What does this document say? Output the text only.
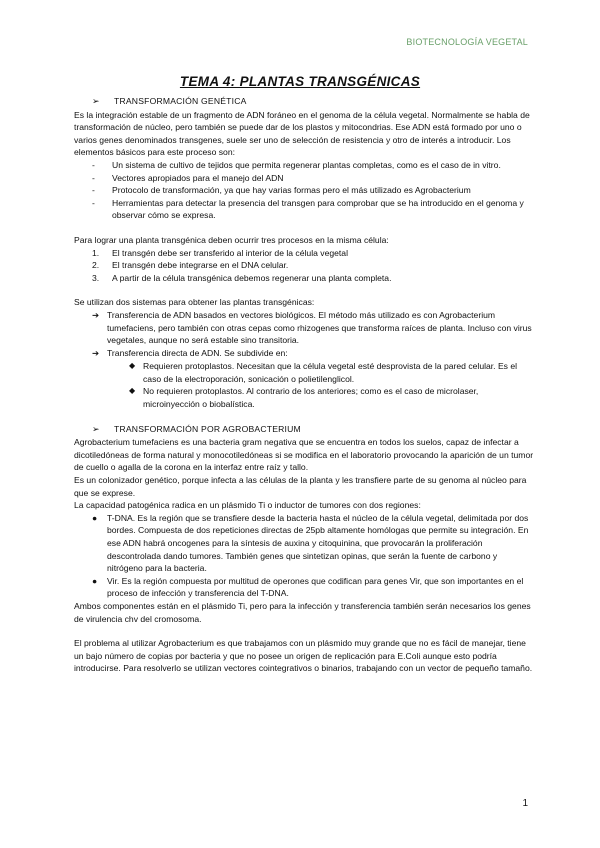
BIOTECNOLOGÍA VEGETAL
TEMA 4: PLANTAS TRANSGÉNICAS
➢	TRANSFORMACIÓN GENÉTICA

Es la integración estable de un fragmento de ADN foráneo en el genoma de la célula vegetal. Normalmente se habla de transformación de núcleo, pero también se puede dar de los plastos y mitocondrias. Ese ADN está formado por uno o varios genes denominados transgenes, suele ser uno de selección de resistencia y otro de interés a introducir. Los elementos básicos para este proceso son:

- Un sistema de cultivo de tejidos que permita regenerar plantas completas, como es el caso de in vitro.
- Vectores apropiados para el manejo del ADN
- Protocolo de transformación, ya que hay varias formas pero el más utilizado es Agrobacterium
- Herramientas para detectar la presencia del transgen para comprobar que se ha introducido en el genoma y observar cómo se expresa.

Para lograr una planta transgénica deben ocurrir tres procesos en la misma célula:

1.	El transgén debe ser transferido al interior de la célula vegetal
2.	El transgén debe integrarse en el DNA celular.
3.	A partir de la célula transgénica debemos regenerar una planta completa.

Se utilizan dos sistemas para obtener las plantas transgénicas:

➔ Transferencia de ADN basados en vectores biológicos. El método más utilizado es con Agrobacterium tumefaciens, pero también con otras cepas como rhizogenes que transforma raíces de planta. Incluso con virus vegetales, aunque no será estable sino transitoria.
➔ Transferencia directa de ADN. Se subdivide en:
◆ Requieren protoplastos. Necesitan que la célula vegetal esté desprovista de la pared celular. Es el caso de la electroporación, sonicación o polietilenglicol.
◆ No requieren protoplastos. Al contrario de los anteriores; como es el caso de microlaser, microinyección o biobalística.
➢	TRANSFORMACIÓN POR AGROBACTERIUM

Agrobacterium tumefaciens es una bacteria gram negativa que se encuentra en todos los suelos, capaz de infectar a dicotiledóneas de forma natural y monocotiledóneas si se modifica en el laboratorio provocando la aparición de un tumor de cuello o agalla de la corona en la interfaz entre raíz y tallo.

Es un colonizador genético, porque infecta a las células de la planta y les transfiere parte de su genoma al núcleo para que se exprese.

La capacidad patogénica radica en un plásmido Ti o inductor de tumores con dos regiones:

●	T-DNA. Es la región que se transfiere desde la bacteria hasta el núcleo de la célula vegetal, delimitada por dos bordes. Compuesta de dos repeticiones directas de 25pb altamente homólogas que permite su integración. En ese ADN habrá oncogenes para la síntesis de auxina y citoquinina, que provocarán la proliferación descontrolada dando tumores. También genes que sintetizan opinas, que serán la fuente de carbono y nitrógeno para la bacteria.
●	Vir. Es la región compuesta por multitud de operones que codifican para genes Vir, que son importantes en el proceso de infección y transferencia del T-DNA.

Ambos componentes están en el plásmido Ti, pero para la infección y transferencia también serán necesarios los genes de virulencia chv del cromosoma.

El problema al utilizar Agrobacterium es que trabajamos con un plásmido muy grande que no es fácil de manejar, tiene un bajo número de copias por bacteria y que no posee un origen de replicación para E.Coli aunque esto podría introducirse. Para resolverlo se utilizan vectores cointegrativos o binarios, trabajando con un vector de pequeño tamaño.

1
